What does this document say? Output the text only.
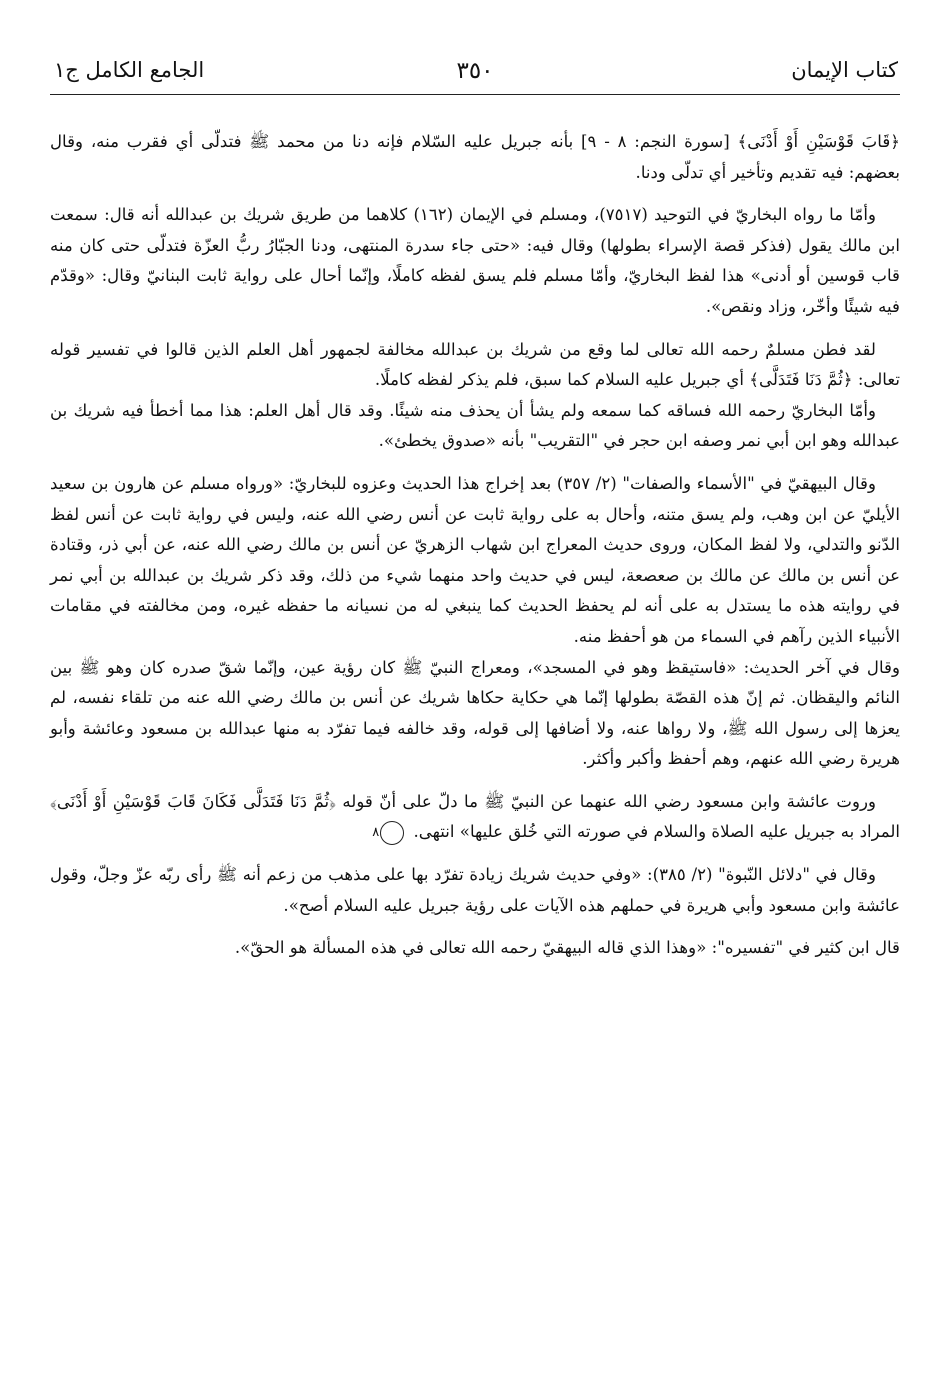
كتاب الإيمان
٣٥٠
الجامع الكامل ج١

﴿قَابَ قَوْسَيْنِ أَوْ أَدْنَى﴾ [سورة النجم: ٨ - ٩] بأنه جبريل عليه السّلام فإنه دنا من محمد ﷺ فتدلّى أي فقرب منه، وقال بعضهم: فيه تقديم وتأخير أي تدلّى ودنا.

وأمّا ما رواه البخاريّ في التوحيد (٧٥١٧)، ومسلم في الإيمان (١٦٢) كلاهما من طريق شريك بن عبدالله أنه قال: سمعت ابن مالك يقول (فذكر قصة الإسراء بطولها) وقال فيه: «حتى جاء سدرة المنتهى، ودنا الجبّارُ ربُّ العزّة فتدلّى حتى كان منه قاب قوسين أو أدنى» هذا لفظ البخاريّ، وأمّا مسلم فلم يسق لفظه كاملًا، وإنّما أحال على رواية ثابت البنانيّ وقال: «وقدّم فيه شيئًا وأخّر، وزاد ونقص».

لقد فطن مسلمٌ رحمه الله تعالى لما وقع من شريك بن عبدالله مخالفة لجمهور أهل العلم الذين قالوا في تفسير قوله تعالى: ﴿ثُمَّ دَنَا فَتَدَلَّى﴾ أي جبريل عليه السلام كما سبق، فلم يذكر لفظه كاملًا.

وأمّا البخاريّ رحمه الله فساقه كما سمعه ولم يشأ أن يحذف منه شيئًا. وقد قال أهل العلم: هذا مما أخطأ فيه شريك بن عبدالله وهو ابن أبي نمر وصفه ابن حجر في "التقريب" بأنه «صدوق يخطئ».

وقال البيهقيّ في "الأسماء والصفات" (٢/ ٣٥٧) بعد إخراج هذا الحديث وعزوه للبخاريّ: «ورواه مسلم عن هارون بن سعيد الأيليّ عن ابن وهب، ولم يسق متنه، وأحال به على رواية ثابت عن أنس رضي الله عنه، وليس في رواية ثابت عن أنس لفظ الدّنو والتدلي، ولا لفظ المكان، وروى حديث المعراج ابن شهاب الزهريّ عن أنس بن مالك رضي الله عنه، عن أبي ذر، وقتادة عن أنس بن مالك عن مالك بن صعصعة، ليس في حديث واحد منهما شيء من ذلك، وقد ذكر شريك بن عبدالله بن أبي نمر في روايته هذه ما يستدل به على أنه لم يحفظ الحديث كما ينبغي له من نسيانه ما حفظه غيره، ومن مخالفته في مقامات الأنبياء الذين رآهم في السماء من هو أحفظ منه.

وقال في آخر الحديث: «فاستيقظ وهو في المسجد»، ومعراج النبيّ ﷺ كان رؤية عين، وإنّما شقّ صدره كان وهو ﷺ بين النائم واليقظان. ثم إنّ هذه القصّة بطولها إنّما هي حكاية حكاها شريك عن أنس بن مالك رضي الله عنه من تلقاء نفسه، لم يعزها إلى رسول الله ﷺ، ولا رواها عنه، ولا أضافها إلى قوله، وقد خالفه فيما تفرّد به منها عبدالله بن مسعود وعائشة وأبو هريرة رضي الله عنهم، وهم أحفظ وأكبر وأكثر.

وروت عائشة وابن مسعود رضي الله عنهما عن النبيّ ﷺ ما دلّ على أنّ قوله ﴿ثُمَّ دَنَا فَتَدَلَّى فَكَانَ قَابَ قَوْسَيْنِ أَوْ أَدْنَى﴾ المراد به جبريل عليه الصلاة والسلام في صورته التي خُلق عليها» انتهى. ٨

وقال في "دلائل النّبوة" (٢/ ٣٨٥): «وفي حديث شريك زيادة تفرّد بها على مذهب من زعم أنه ﷺ رأى ربّه عزّ وجلّ، وقول عائشة وابن مسعود وأبي هريرة في حملهم هذه الآيات على رؤية جبريل عليه السلام أصح».

قال ابن كثير في "تفسيره": «وهذا الذي قاله البيهقيّ رحمه الله تعالى في هذه المسألة هو الحقّ».
